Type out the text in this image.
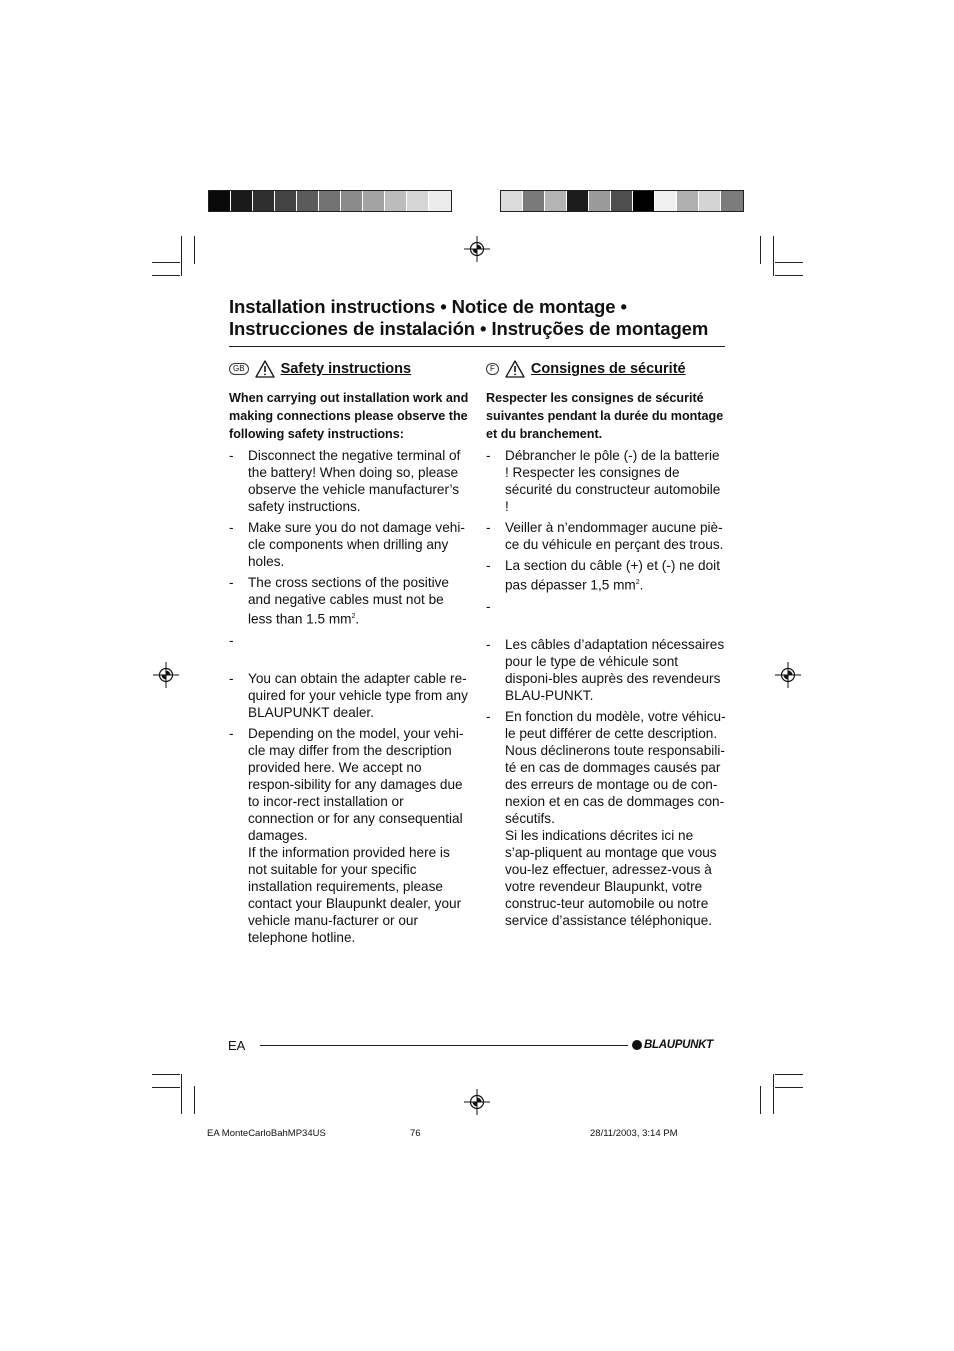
Installation instructions • Notice de montage •
Instrucciones de instalación • Instruções de montagem
GB Safety instructions	F Consignes de sécurité

When carrying out installation work and making connections please observe the following safety instructions:

- Disconnect the negative terminal of the battery! When doing so, please observe the vehicle manufacturer’s safety instructions.
- Make sure you do not damage vehi-cle components when drilling any holes.
- The cross sections of the positive and negative cables must not be less than 1.5 $mm^2$.
-
- You can obtain the adapter cable re-quired for your vehicle type from any BLAUPUNKT dealer.
- Depending on the model, your vehi-cle may differ from the description provided here. We accept no respon-sibility for any damages due to incor-rect installation or connection or for any consequential damages.
If the information provided here is not suitable for your specific installation requirements, please contact your Blaupunkt dealer, your vehicle manu-facturer or our telephone hotline.

Respecter les consignes de sécurité suivantes pendant la durée du montage et du branchement.

- Débrancher le pôle (-) de la batterie ! Respecter les consignes de sécurité du constructeur automobile !
- Veiller à n’endommager aucune piè-ce du véhicule en perçant des trous.
- La section du câble (+) et (-) ne doit pas dépasser 1,5 $mm^2$.
-
- Les câbles d’adaptation nécessaires pour le type de véhicule sont disponi-bles auprès des revendeurs BLAU-PUNKT.
- En fonction du modèle, votre véhicu-le peut différer de cette description. Nous déclinerons toute responsabili-té en cas de dommages causés par des erreurs de montage ou de con-nexion et en cas de dommages con-sécutifs.
Si les indications décrites ici ne s’ap-pliquent au montage que vous vou-lez effectuer, adressez-vous à votre revendeur Blaupunkt, votre construc-teur automobile ou notre service d’assistance téléphonique.
EA	BLAUPUNKT
EA MonteCarloBahMP34US	76	28/11/2003, 3:14 PM
